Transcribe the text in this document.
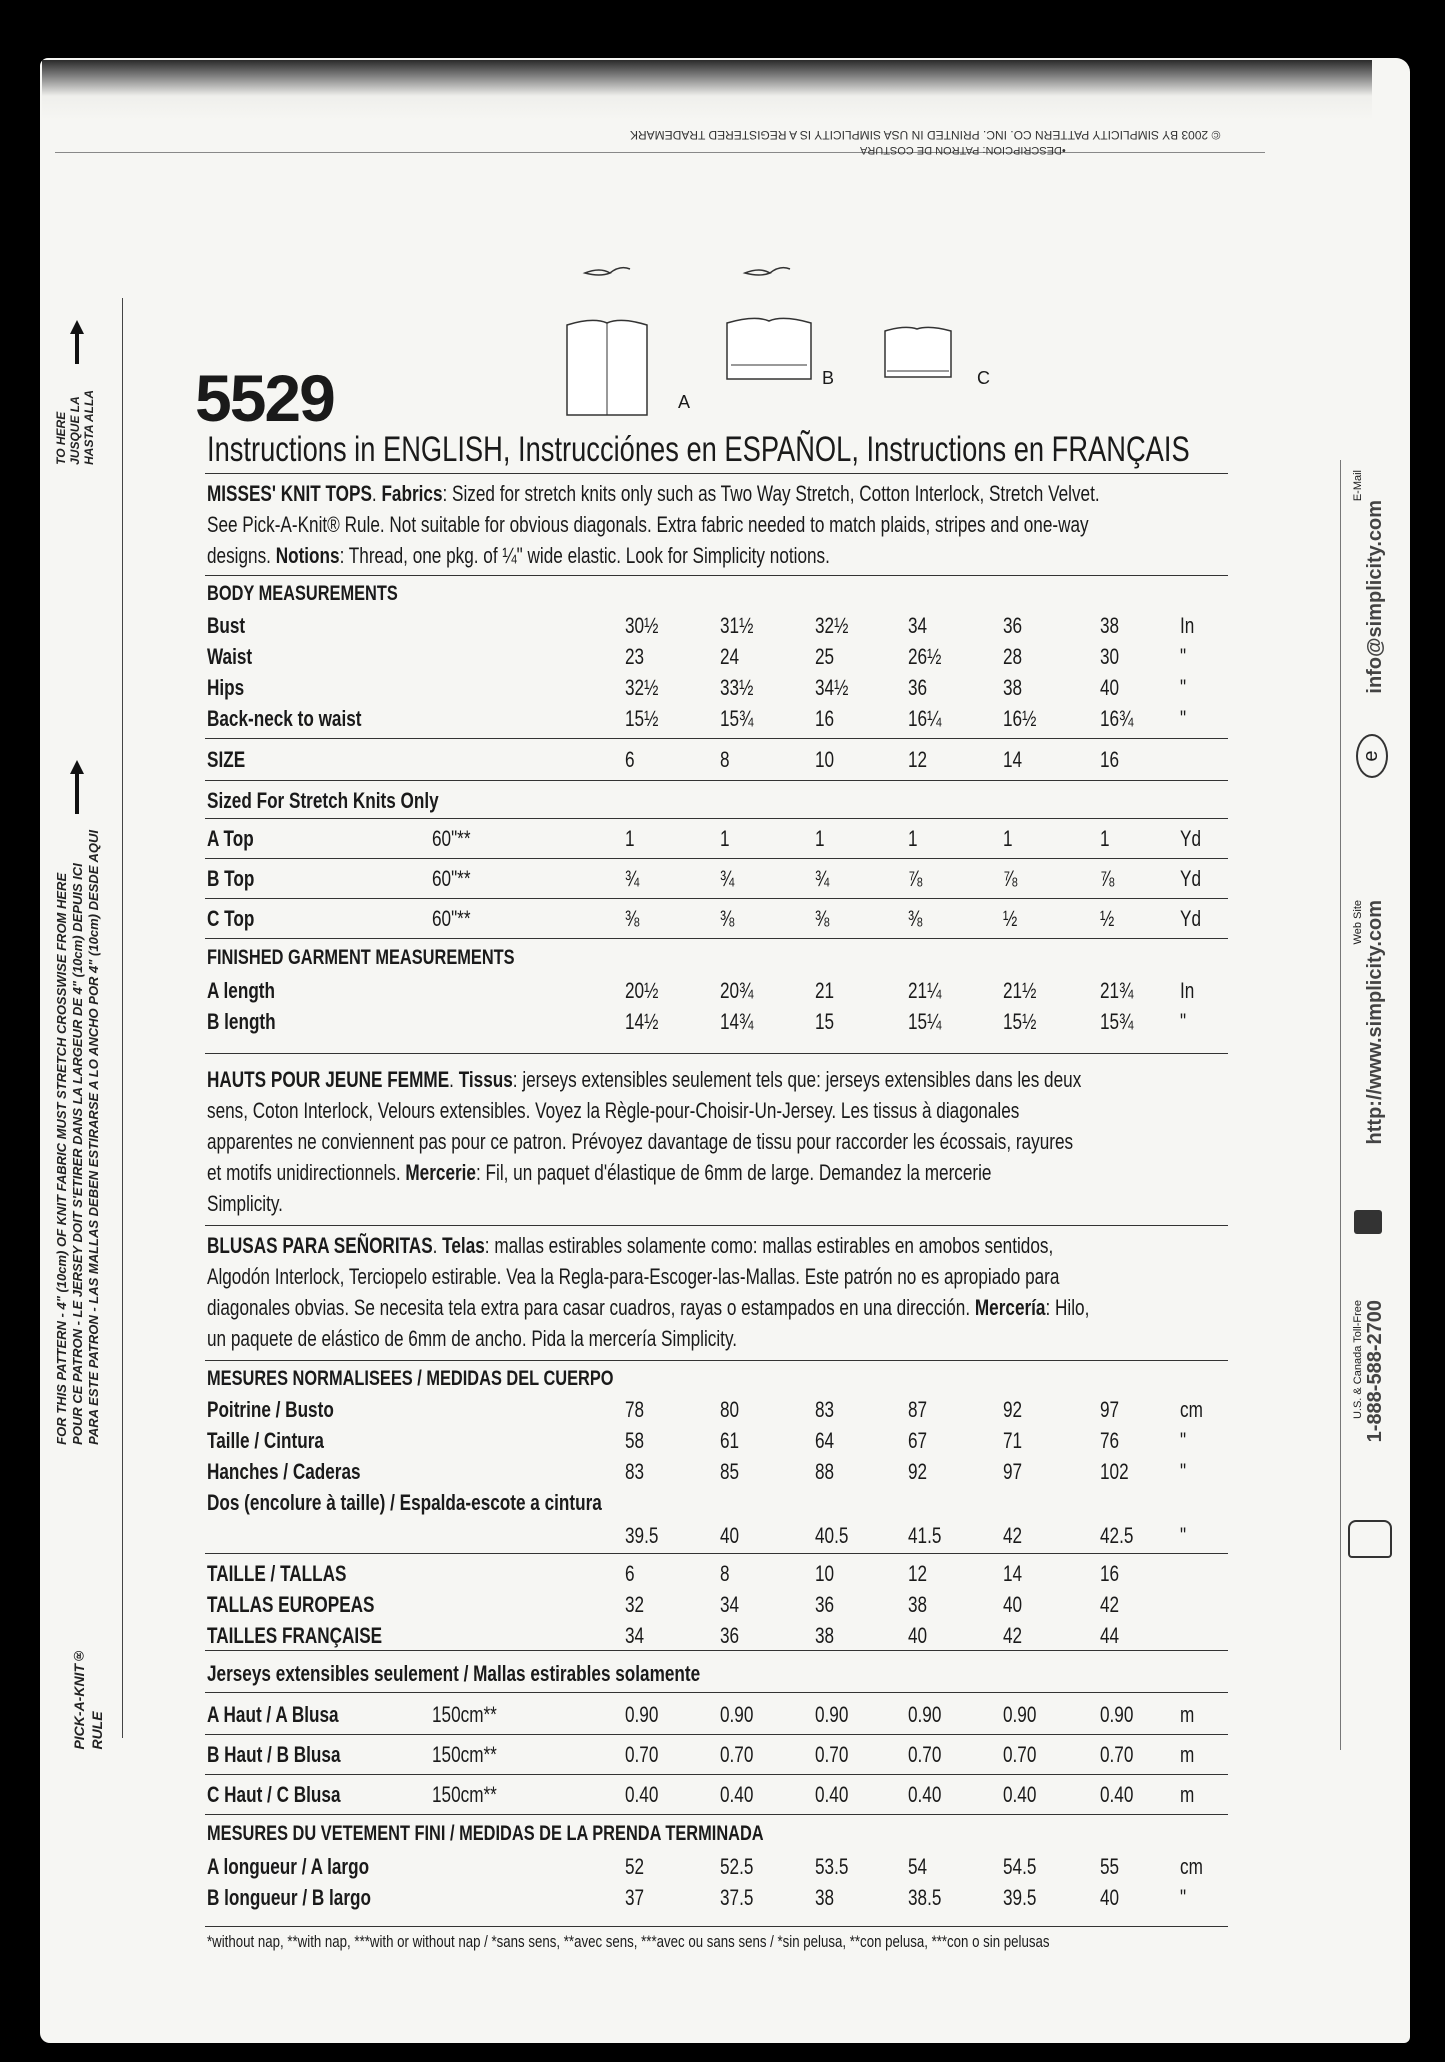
© 2003 BY SIMPLICITY PATTERN CO. INC. PRINTED IN USA SIMPLICITY IS A REGISTERED TRADEMARK
•DESCRIPCION: PATRON DE COSTURA
TO HERE JUSQUE LA HASTA ALLA
FOR THIS PATTERN - 4" (10cm) OF KNIT FABRIC MUST STRETCH CROSSWISE FROM HERE POUR CE PATRON - LE JERSEY DOIT S'ETIRER DANS LA LARGEUR DE 4" (10cm) DEPUIS ICI PARA ESTE PATRON - LAS MALLAS DEBEN ESTIRARSE A LO ANCHO POR 4" (10cm) DESDE AQUI
PICK-A-KNIT® RULE
E-Mail
info@simplicity.com
e
Web Site http://www.simplicity.com
U.S. & Canada Toll-Free 1-888-588-2700
5529	A
B	C
Instructions in ENGLISH, Instrucciónes en ESPAÑOL, Instructions en FRANÇAIS
MISSES' KNIT TOPS. Fabrics: Sized for stretch knits only such as Two Way Stretch, Cotton Interlock, Stretch Velvet.
See Pick-A-Knit® Rule. Not suitable for obvious diagonals. Extra fabric needed to match plaids, stripes and one-way
designs. Notions: Thread, one pkg. of ¼" wide elastic. Look for Simplicity notions.
BODY MEASUREMENTS
Bust	30½	31½	32½	34	36	38	In
Waist	23	24	25	26½	28	30	"
Hips	32½	33½	34½	36	38	40	"
Back-neck to waist	15½	15¾	16	16¼	16½	16¾ "
SIZE	6	8	10	12	14	16
Sized For Stretch Knits Only
A Top	60"**	1	1	1	1	1	1	Yd
B Top	60"**	¾	¾	¾	⅞	⅞	⅞	Yd
C Top	60"**	⅜	⅜	⅜	⅜	½	½	Yd
FINISHED GARMENT MEASUREMENTS
A length	20½	20¾	21	21¼	21½	21¾ In
B length	14½	14¾	15	15¼	15½	15¾ "
HAUTS POUR JEUNE FEMME. Tissus: jerseys extensibles seulement tels que: jerseys extensibles dans les deux
sens, Coton Interlock, Velours extensibles. Voyez la Règle-pour-Choisir-Un-Jersey. Les tissus à diagonales
apparentes ne conviennent pas pour ce patron. Prévoyez davantage de tissu pour raccorder les écossais, rayures
et motifs unidirectionnels. Mercerie: Fil, un paquet d'élastique de 6mm de large. Demandez la mercerie
Simplicity.
BLUSAS PARA SEÑORITAS. Telas: mallas estirables solamente como: mallas estirables en amobos sentidos,
Algodón Interlock, Terciopelo estirable. Vea la Regla-para-Escoger-las-Mallas. Este patrón no es apropiado para
diagonales obvias. Se necesita tela extra para casar cuadros, rayas o estampados en una dirección. Mercería: Hilo,
un paquete de elástico de 6mm de ancho. Pida la mercería Simplicity.
MESURES NORMALISEES / MEDIDAS DEL CUERPO
Poitrine / Busto	78	80	83	87	92	97	cm
Taille / Cintura	58	61	64	67	71	76	"
Hanches / Caderas	83	85	88	92	97	102 "
Dos (encolure à taille) / Espalda-escote a cintura
39.5	40	40.5	41.5	42	42.5 "
TAILLE / TALLAS	6	8	10	12	14	16
TALLAS EUROPEAS	32	34	36	38	40	42
TAILLES FRANÇAISE	34	36	38	40	42	44
Jerseys extensibles seulement / Mallas estirables solamente
A Haut / A Blusa	150cm**	0.90	0.90	0.90	0.90	0.90	0.90 m
B Haut / B Blusa	150cm**	0.70	0.70	0.70	0.70	0.70	0.70 m
C Haut / C Blusa	150cm**	0.40	0.40	0.40	0.40	0.40	0.40 m
MESURES DU VETEMENT FINI / MEDIDAS DE LA PRENDA TERMINADA
A longueur / A largo	52	52.5	53.5	54	54.5	55	cm
B longueur / B largo	37	37.5	38	38.5	39.5	40	"
*without nap, **with nap, ***with or without nap / *sans sens, **avec sens, ***avec ou sans sens / *sin pelusa, **con pelusa, ***con o sin pelusas
